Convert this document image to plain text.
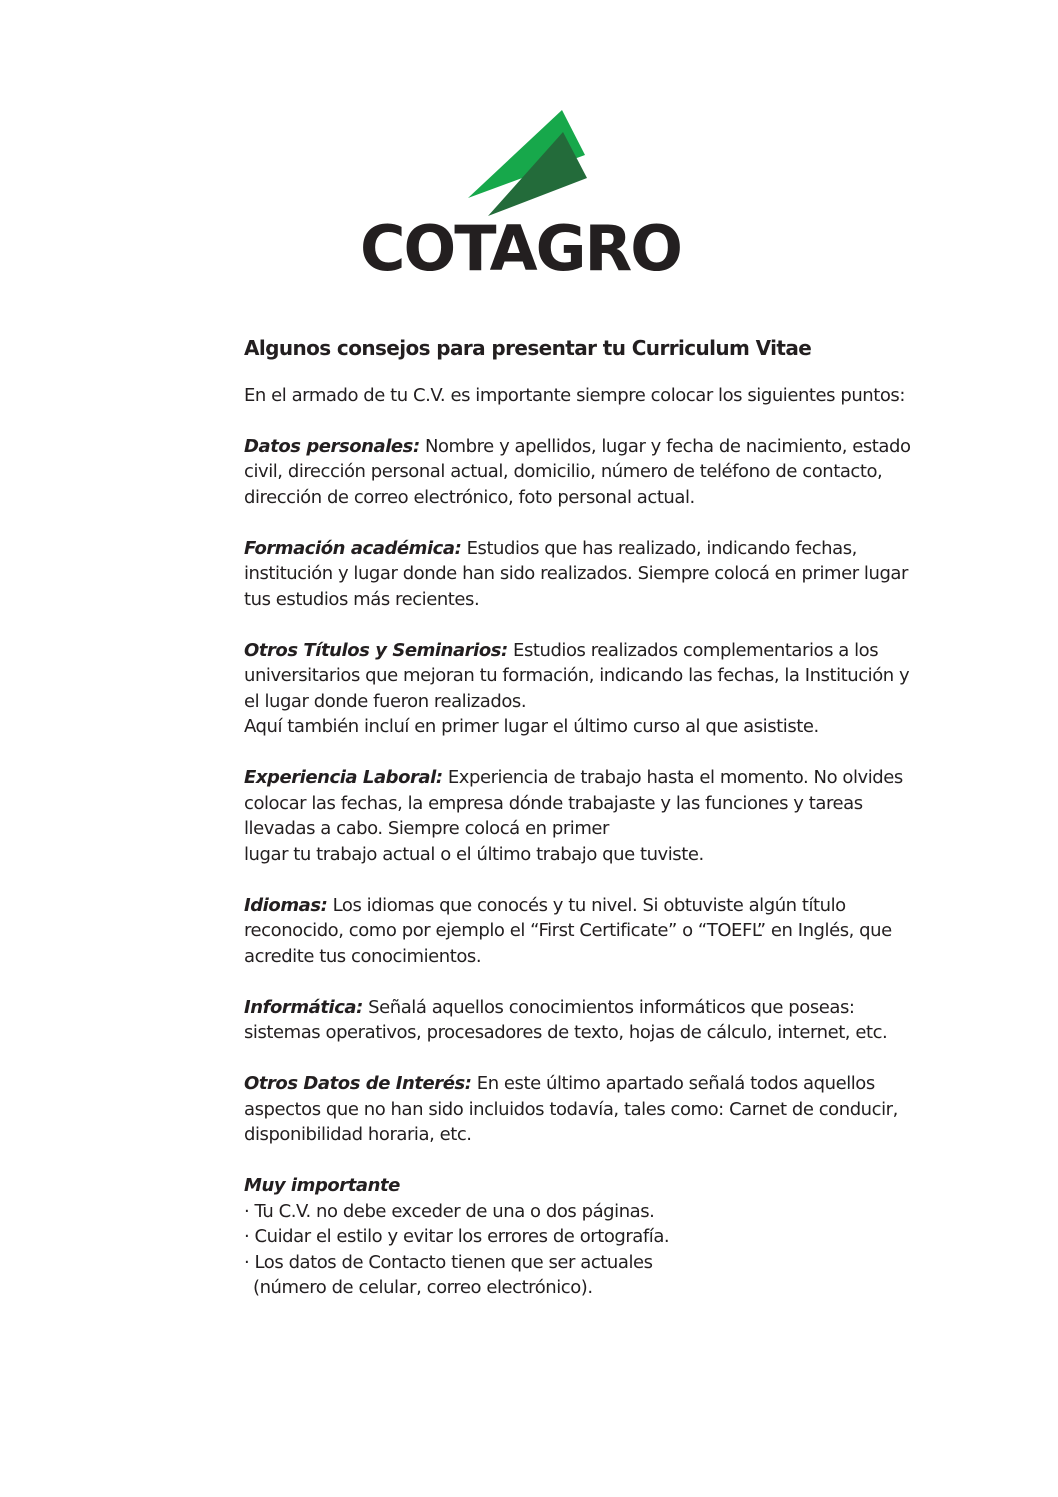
COTAGRO
Algunos consejos para presentar tu Curriculum Vitae
En el armado de tu C.V. es importante siempre colocar los siguientes puntos:
Datos personales: Nombre y apellidos, lugar y fecha de nacimiento, estado
civil, dirección personal actual, domicilio, número de teléfono de contacto,
dirección de correo electrónico, foto personal actual.
Formación académica: Estudios que has realizado, indicando fechas,
institución y lugar donde han sido realizados. Siempre colocá en primer lugar
tus estudios más recientes.
Otros Títulos y Seminarios: Estudios realizados complementarios a los
universitarios que mejoran tu formación, indicando las fechas, la Institución y
el lugar donde fueron realizados.
Aquí también incluí en primer lugar el último curso al que asististe.
Experiencia Laboral: Experiencia de trabajo hasta el momento. No olvides
colocar las fechas, la empresa dónde trabajaste y las funciones y tareas
llevadas a cabo. Siempre colocá en primer
lugar tu trabajo actual o el último trabajo que tuviste.
Idiomas: Los idiomas que conocés y tu nivel. Si obtuviste algún título
reconocido, como por ejemplo el “First Certificate” o “TOEFL” en Inglés, que
acredite tus conocimientos.
Informática: Señalá aquellos conocimientos informáticos que poseas:
sistemas operativos, procesadores de texto, hojas de cálculo, internet, etc.
Otros Datos de Interés: En este último apartado señalá todos aquellos
aspectos que no han sido incluidos todavía, tales como: Carnet de conducir,
disponibilidad horaria, etc.
Muy importante
· Tu C.V. no debe exceder de una o dos páginas.
· Cuidar el estilo y evitar los errores de ortografía.
· Los datos de Contacto tienen que ser actuales
(número de celular, correo electrónico).
